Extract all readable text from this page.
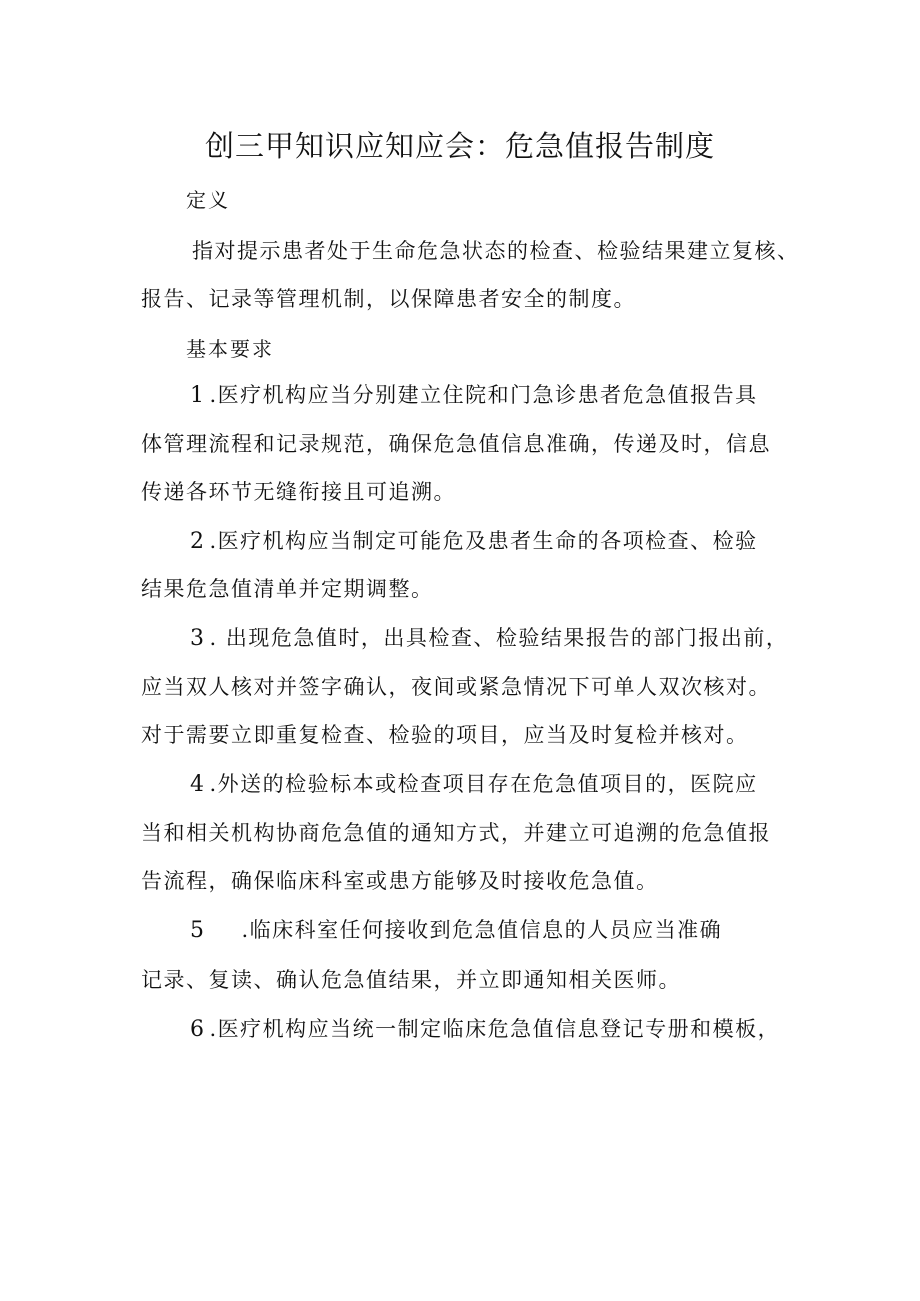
创三甲知识应知应会：危急值报告制度
定义
指对提示患者处于生命危急状态的检查、检验结果建立复核、
报告、记录等管理机制，以保障患者安全的制度。
基本要求
1 .医疗机构应当分别建立住院和门急诊患者危急值报告具
体管理流程和记录规范，确保危急值信息准确，传递及时，信息
传递各环节无缝衔接且可追溯。
2 .医疗机构应当制定可能危及患者生命的各项检查、检验
结果危急值清单并定期调整。
3 . 出现危急值时，出具检查、检验结果报告的部门报出前，
应当双人核对并签字确认，夜间或紧急情况下可单人双次核对。
对于需要立即重复检查、检验的项目，应当及时复检并核对。
4 .外送的检验标本或检查项目存在危急值项目的，医院应
当和相关机构协商危急值的通知方式，并建立可追溯的危急值报
告流程，确保临床科室或患方能够及时接收危急值。
5 .临床科室任何接收到危急值信息的人员应当准确
记录、复读、确认危急值结果，并立即通知相关医师。
6 .医疗机构应当统一制定临床危急值信息登记专册和模板，
